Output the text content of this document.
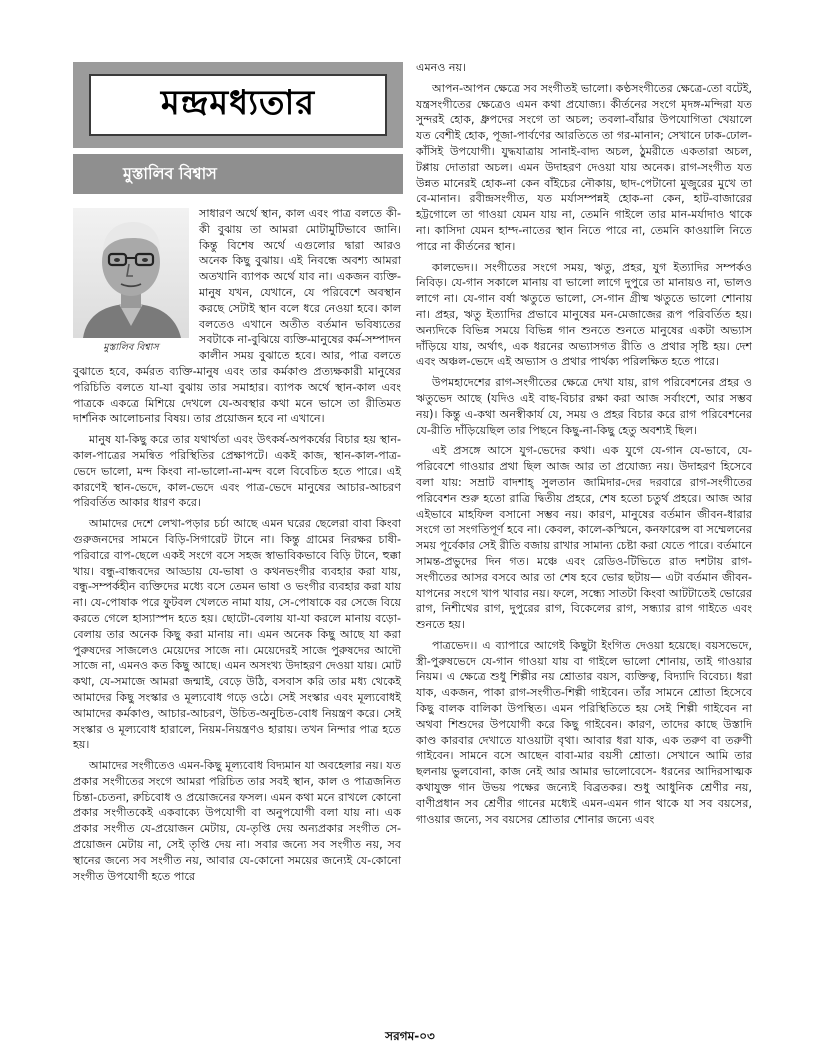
মন্দ্রমধ্যতার
মুস্তালিব বিশ্বাস
মুস্তালিব বিশ্বাস

সাধারণ অর্থে স্থান, কাল এবং পাত্র বলতে কী-কী বুঝায় তা আমরা মোটামুটিভাবে জানি। কিন্তু বিশেষ অর্থে এগুলোর দ্বারা আরও অনেক কিছু বুঝায়। এই নিবন্ধে অবশ্য আমরা অতখানি ব্যাপক অর্থে যাব না। একজন ব্যক্তি-মানুষ যখন, যেখানে, যে পরিবেশে অবস্থান করছে সেটাই স্থান বলে ধরে নেওয়া হবে। কাল বলতেও এখানে অতীত বর্তমান ভবিষ্যতের সবটাকে না-বুঝিয়ে ব্যক্তি-মানুষের কর্ম-সম্পাদন কালীন সময় বুঝাতে হবে। আর, পাত্র বলতে বুঝাতে হবে, কর্মরত ব্যক্তি-মানুষ এবং তার কর্মকাণ্ড প্রত্যক্ষকারী মানুষের পরিচিতি বলতে যা-যা বুঝায় তার সমাহার। ব্যাপক অর্থে স্থান-কাল এবং পাত্রকে একত্রে মিশিয়ে দেখলে যে-অবস্থার কথা মনে ভাসে তা রীতিমত দার্শনিক আলোচনার বিষয়। তার প্রয়োজন হবে না এখানে।

মানুষ যা-কিছু করে তার যথার্থতা এবং উৎকর্ষ-অপকর্ষের বিচার হয় স্থান-কাল-পাত্রের সমন্বিত পরিস্থিতির প্রেক্ষাপটে। একই কাজ, স্থান-কাল-পাত্র-ভেদে ভালো, মন্দ কিংবা না-ভালো-না-মন্দ বলে বিবেচিত হতে পারে। এই কারণেই স্থান-ভেদে, কাল-ভেদে এবং পাত্র-ভেদে মানুষের আচার-আচরণ পরিবর্তিত আকার ধারণ করে।

আমাদের দেশে লেখা-পড়ার চর্চা আছে এমন ঘরের ছেলেরা বাবা কিংবা গুরুজনদের সামনে বিড়ি-সিগারেট টানে না। কিন্তু গ্রামের নিরক্ষর চাষী-পরিবারে বাপ-ছেলে একই সংগে বসে সহজ স্বাভাবিকভাবে বিড়ি টানে, হুক্কা খায়। বন্ধু-বান্ধবদের আড্ডায় যে-ভাষা ও কথনভংগীর ব্যবহার করা যায়, বন্ধু-সম্পর্কহীন ব্যক্তিদের মধ্যে বসে তেমন ভাষা ও ভংগীর ব্যবহার করা যায় না। যে-পোষাক পরে ফুটবল খেলতে নামা যায়, সে-পোষাকে বর সেজে বিয়ে করতে গেলে হাস্যাস্পদ হতে হয়। ছোটো-বেলায় যা-যা করলে মানায় বড়ো-বেলায় তার অনেক কিছু করা মানায় না। এমন অনেক কিছু আছে যা করা পুরুষদের সাজলেও মেয়েদের সাজে না। মেয়েদেরই সাজে পুরুষদের আদৌ সাজে না, এমনও কত কিছু আছে। এমন অসংখ্য উদাহরণ দেওয়া যায়। মোট কথা, যে-সমাজে আমরা জন্মাই, বেড়ে উঠি, বসবাস করি তার মধ্য থেকেই আমাদের কিছু সংস্কার ও মূল্যবোধ গড়ে ওঠে। সেই সংস্কার এবং মূল্যবোধই আমাদের কর্মকাণ্ড, আচার-আচরণ, উচিত-অনুচিত-বোধ নিয়ন্ত্রণ করে। সেই সংস্কার ও মূল্যবোধ হারালে, নিয়ম-নিয়ন্ত্রণও হারায়। তখন নিন্দার পাত্র হতে হয়।

আমাদের সংগীতেও এমন-কিছু মূল্যবোধ বিদ্যমান যা অবহেলার নয়। যত প্রকার সংগীতের সংগে আমরা পরিচিত তার সবই স্থান, কাল ও পাত্রজনিত চিন্তা-চেতনা, রুচিবোধ ও প্রয়োজনের ফসল। এমন কথা মনে রাখলে কোনো প্রকার সংগীতকেই একবাক্যে উপযোগী বা অনুপযোগী বলা যায় না। এক প্রকার সংগীত যে-প্রয়োজন মেটায়, যে-তৃপ্তি দেয় অন্যপ্রকার সংগীত সে-প্রয়োজন মেটায় না, সেই তৃপ্তি দেয় না। সবার জন্যে সব সংগীত নয়, সব স্থানের জন্যে সব সংগীত নয়, আবার যে-কোনো সময়ের জন্যেই যে-কোনো সংগীত উপযোগী হতে পারে

এমনও নয়।

আপন-আপন ক্ষেত্রে সব সংগীতই ভালো। কণ্ঠসংগীতের ক্ষেত্রে-তো বটেই, যন্ত্রসংগীতের ক্ষেত্রেও এমন কথা প্রযোজ্য। কীর্তনের সংগে মৃদঙ্গ-মন্দিরা যত সুন্দরই হোক, ধ্রুপদের সংগে তা অচল; তবলা-বাঁয়ার উপযোগিতা খেয়ালে যত বেশীই হোক, পূজা-পার্বণের আরতিতে তা গর-মানান; সেখানে ঢাক-ঢোল-কাঁসিই উপযোগী। যুদ্ধযাত্রায় সানাই-বাদ্য অচল, ঠুমরীতে একতারা অচল, টপ্পায় দোতারা অচল। এমন উদাহরণ দেওয়া যায় অনেক। রাগ-সংগীত যত উন্নত মানেরই হোক-না কেন বাঁইচের নৌকায়, ছাদ-পেটানো মুজুরের মুখে তা বে-মানান। রবীন্দ্রসংগীত, যত মর্যাসম্পন্নই হোক-না কেন, হাট-বাজারের হট্টগোলে তা গাওয়া যেমন যায় না, তেমনি গাইলে তার মান-মর্যাদাও থাকে না। কাসিদা যেমন হাম্দ-নাতের স্থান নিতে পারে না, তেমনি কাওয়ালি নিতে পারে না কীর্তনের স্থান।

কালভেদ।। সংগীতের সংগে সময়, ঋতু, প্রহর, যুগ ইত্যাদির সম্পর্কও নিবিড়। যে-গান সকালে মানায় বা ভালো লাগে দুপুরে তা মানায়ও না, ভালও লাগে না। যে-গান বর্ষা ঋতুতে ভালো, সে-গান গ্রীষ্ম ঋতুতে ভালো শোনায় না। প্রহর, ঋতু ইত্যাদির প্রভাবে মানুষের মন-মেজাজের রূপ পরিবর্তিত হয়। অন্যদিকে বিভিন্ন সময়ে বিভিন্ন গান শুনতে শুনতে মানুষের একটা অভ্যাস দাঁড়িয়ে যায়, অর্থাৎ, এক ধরনের অভ্যাসগত রীতি ও প্রথার সৃষ্টি হয়। দেশ এবং অঞ্চল-ভেদে এই অভ্যাস ও প্রথার পার্থক্য পরিলক্ষিত হতে পারে।

উপমহাদেশের রাগ-সংগীতের ক্ষেত্রে দেখা যায়, রাগ পরিবেশনের প্রহর ও ঋতুভেদ আছে (যদিও এই বাছ-বিচার রক্ষা করা আজ সর্বাংশে, আর সম্ভব নয়)। কিন্তু এ-কথা অনস্বীকার্য যে, সময় ও প্রহর বিচার করে রাগ পরিবেশনের যে-রীতি দাঁড়িয়েছিল তার পিছনে কিছু-না-কিছু হেতু অবশ্যই ছিল।

এই প্রসঙ্গে আসে যুগ-ভেদের কথা। এক যুগে যে-গান যে-ভাবে, যে-পরিবেশে গাওয়ার প্রথা ছিল আজ আর তা প্রযোজ্য নয়। উদাহরণ হিসেবে বলা যায়: সম্রাট বাদশাহ্ সুলতান জামিদার-দের দরবারে রাগ-সংগীতের পরিবেশন শুরু হতো রাত্রি দ্বিতীয় প্রহরে, শেষ হতো চতুর্থ প্রহরে। আজ আর এইভাবে মাহফিল বসানো সম্ভব নয়। কারণ, মানুষের বর্তমান জীবন-ধারার সংগে তা সংগতিপূর্ণ হবে না। কেবল, কালে-কস্মিনে, কনফারেন্স বা সম্মেলনের সময় পূর্বেকার সেই রীতি বজায় রাখার সামান্য চেষ্টা করা যেতে পারে। বর্তমানে সামন্ত-প্রভুদের দিন গত। মঞ্চে এবং রেডিও-টিভিতে রাত দশটায় রাগ-সংগীতের আসর বসবে আর তা শেষ হবে ভোর ছটায়— এটা বর্তমান জীবন-যাপনের সংগে খাপ খাবার নয়। ফলে, সন্ধ্যে সাতটা কিংবা আটটাতেই ভোরের রাগ, নিশীথের রাগ, দুপুরের রাগ, বিকেলের রাগ, সন্ধ্যার রাগ গাইতে এবং শুনতে হয়।

পাত্রভেদ।। এ ব্যাপারে আগেই কিছুটা ইংগিত দেওয়া হয়েছে। বয়সভেদে, স্ত্রী-পুরুষভেদে যে-গান গাওয়া যায় বা গাইলে ভালো শোনায়, তাই গাওয়ার নিয়ম। এ ক্ষেত্রে শুধু শিল্পীর নয় শ্রোতার বয়স, ব্যক্তিত্ব, বিদ্যাদি বিবেচ্য। ধরা যাক, একজন, পাকা রাগ-সংগীত-শিল্পী গাইবেন। তাঁর সামনে শ্রোতা হিসেবে কিছু বালক বালিকা উপস্থিত। এমন পরিস্থিতিতে হয় সেই শিল্পী গাইবেন না অথবা শিশুদের উপযোগী করে কিছু গাইবেন। কারণ, তাদের কাছে উস্তাদি কাণ্ড কারবার দেখাতে যাওয়াটা বৃথা। আবার ধরা যাক, এক তরুণ বা তরুণী গাইবেন। সামনে বসে আছেন বাবা-মার বয়সী শ্রোতা। সেখানে আমি তার ছলনায় ভুলবোনা, কাজ নেই আর আমার ভালোবেসে- ধরনের আদিরসাত্মক কথাযুক্ত গান উভয় পক্ষের জন্যেই বিব্রতকর। শুধু আধুনিক শ্রেণীর নয়, বাণীপ্রধান সব শ্রেণীর গানের মধ্যেই এমন-এমন গান থাকে যা সব বয়সের, গাওয়ার জন্যে, সব বয়সের শ্রোতার শোনার জন্যে এবং

সরগম-০৩
